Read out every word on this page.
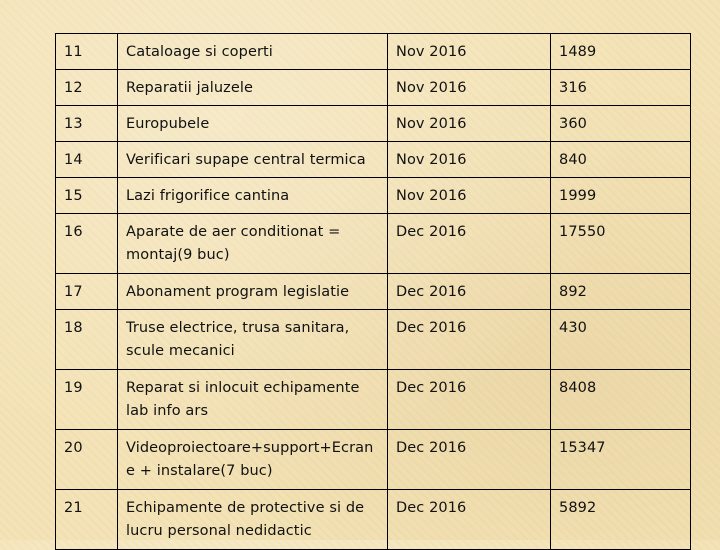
11	Cataloage si coperti	Nov 2016	1489
12	Reparatii jaluzele	Nov 2016	316
13	Europubele	Nov 2016	360
14	Verificari supape central termica	Nov 2016	840
15	Lazi frigorifice cantina	Nov 2016	1999
16	Aparate de aer conditionat = montaj(9 buc)	Dec 2016	17550
17	Abonament program legislatie	Dec 2016	892
18	Truse electrice, trusa sanitara, scule mecanici	Dec 2016	430
19	Reparat si inlocuit echipamente lab info ars	Dec 2016	8408
20	Videoproiectoare+support+Ecrane + instalare(7 buc)	Dec 2016	15347
21	Echipamente de protective si de lucru personal nedidactic	Dec 2016	5892
